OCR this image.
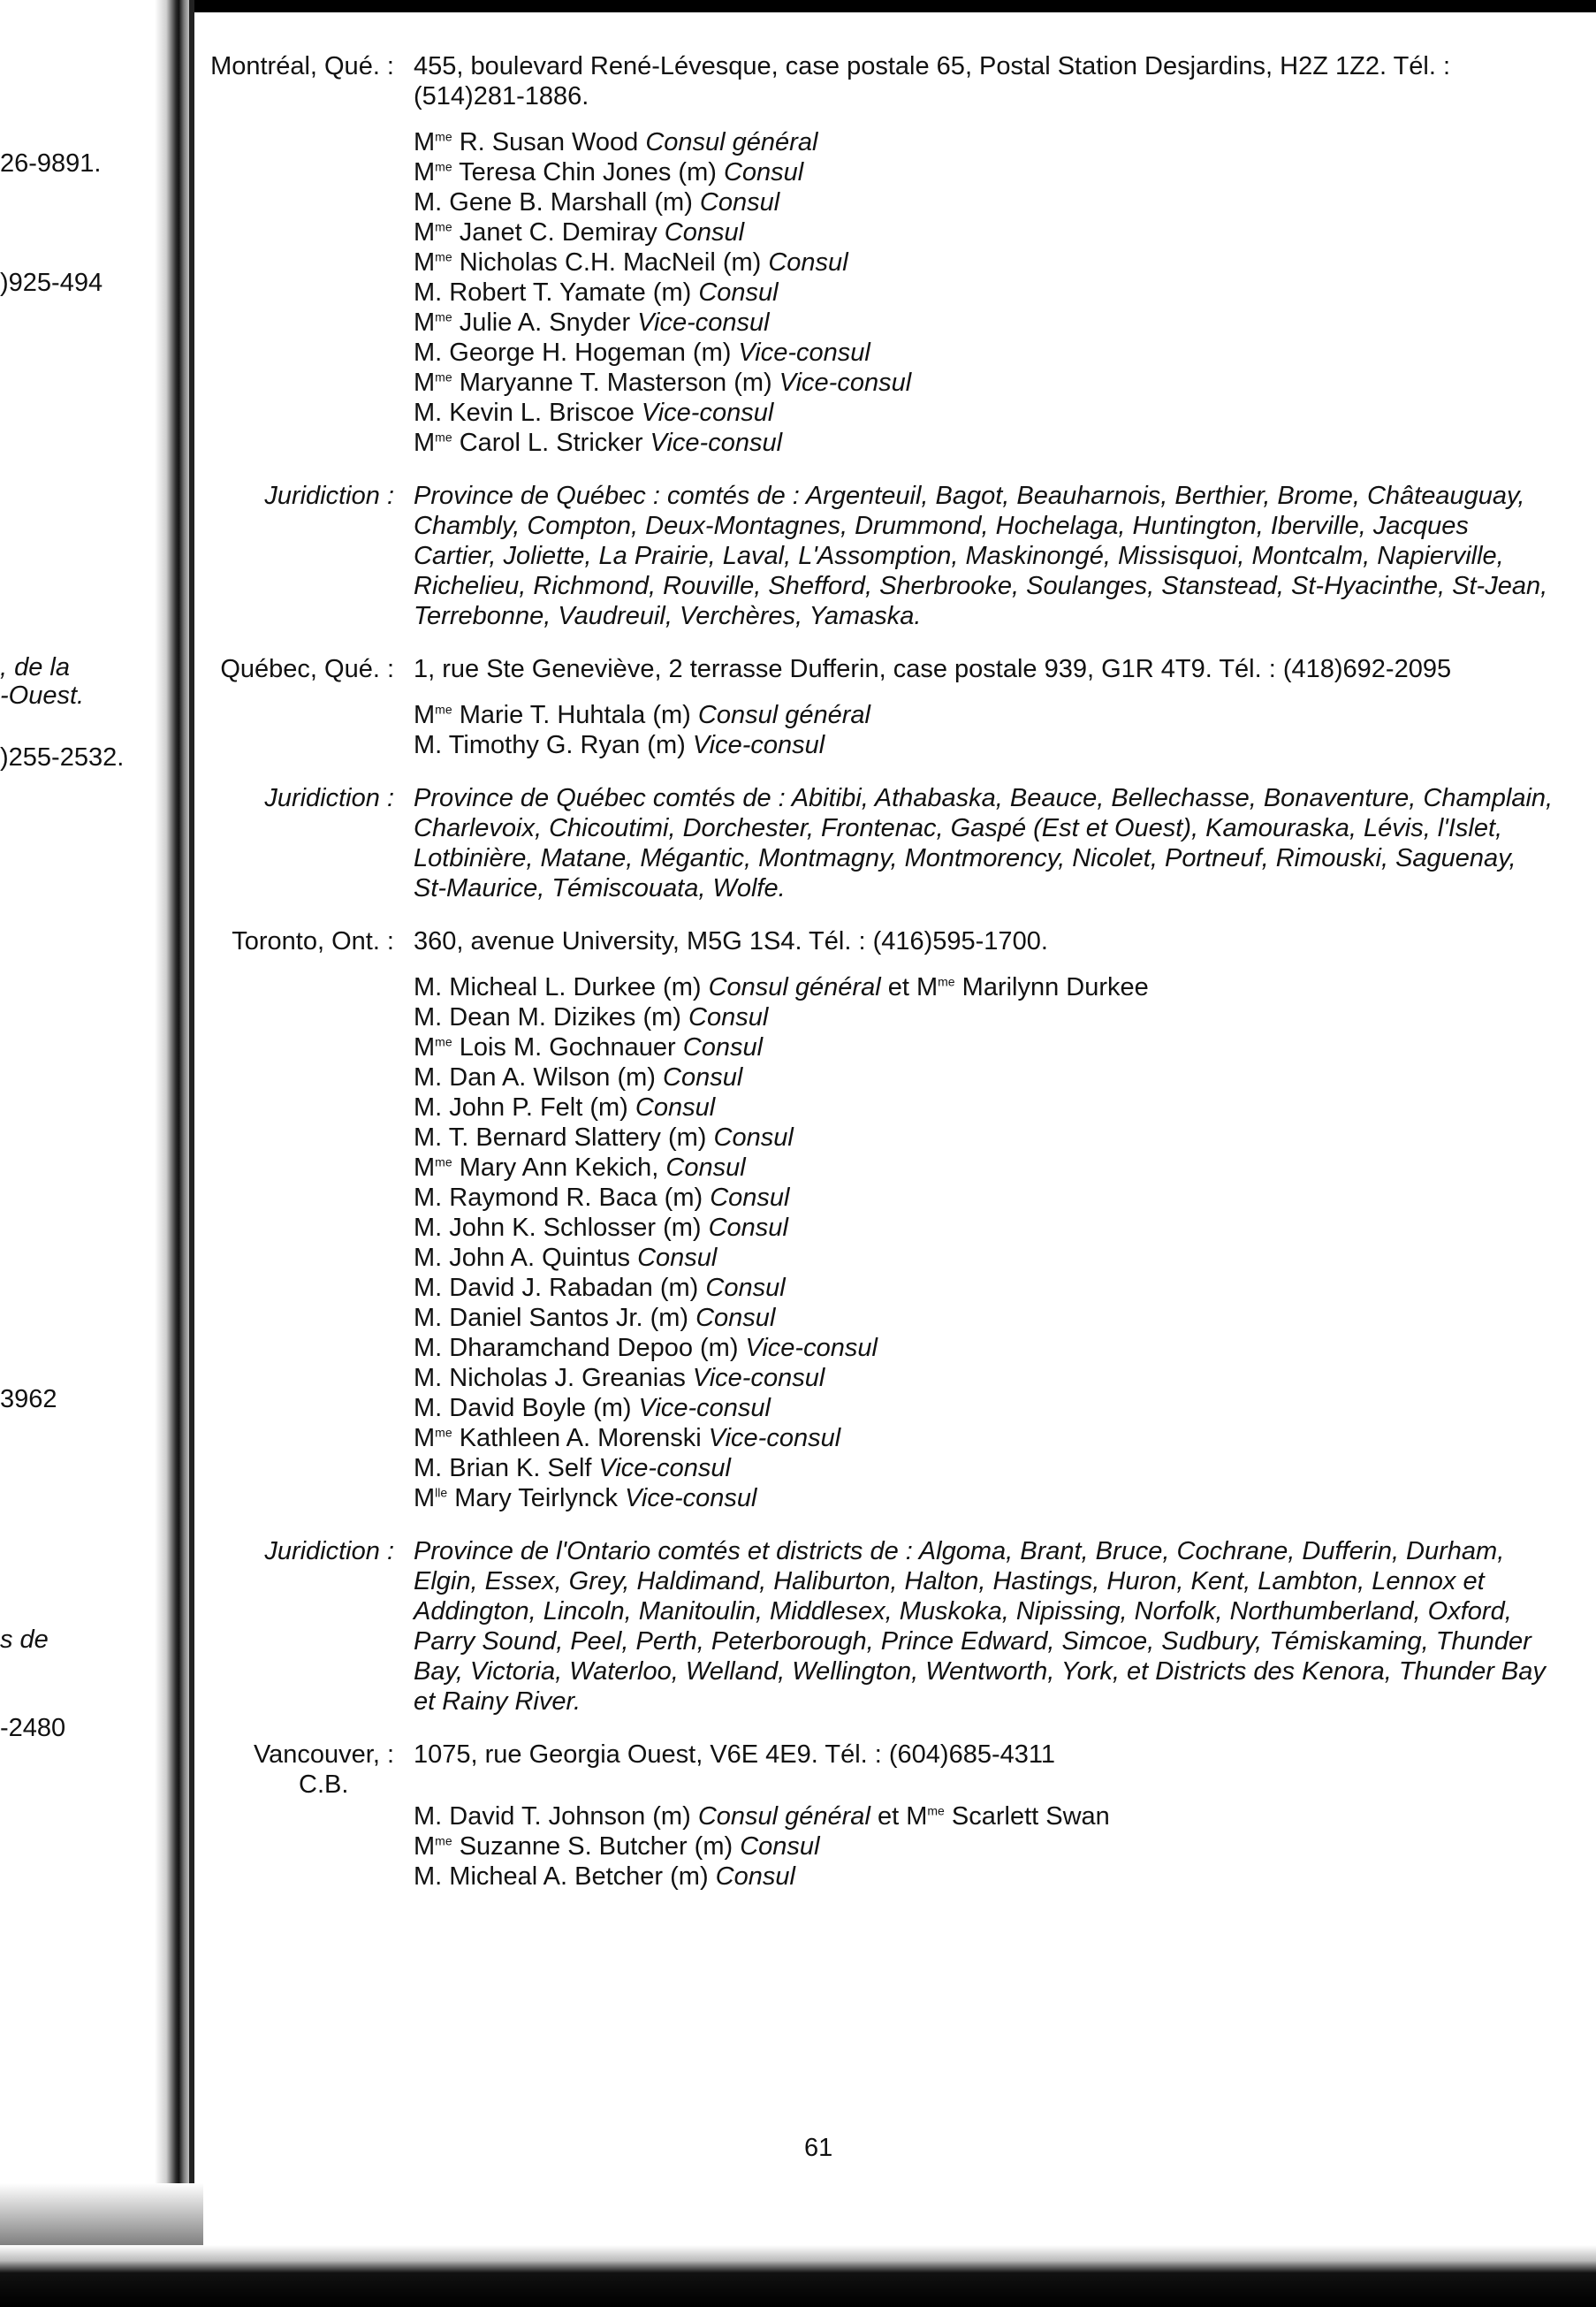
26-9891.
)925-494
, de la
-Ouest.
)255-2532.
3962
s de
-2480
Montréal, Qué. : 455, boulevard René-Lévesque, case postale 65, Postal Station Desjardins, H2Z 1Z2. Tél. : (514)281-1886.
$M^{me}$ R. Susan Wood Consul général
$M^{me}$ Teresa Chin Jones (m) Consul
M. Gene B. Marshall (m) Consul
$M^{me}$ Janet C. Demiray Consul
$M^{me}$ Nicholas C.H. MacNeil (m) Consul
M. Robert T. Yamate (m) Consul
$M^{me}$ Julie A. Snyder Vice-consul
M. George H. Hogeman (m) Vice-consul
$M^{me}$ Maryanne T. Masterson (m) Vice-consul
M. Kevin L. Briscoe Vice-consul
$M^{me}$ Carol L. Stricker Vice-consul
Juridiction : Province de Québec : comtés de : Argenteuil, Bagot, Beauharnois, Berthier, Brome, Châteauguay, Chambly, Compton, Deux-Montagnes, Drummond, Hochelaga, Huntington, Iberville, Jacques Cartier, Joliette, La Prairie, Laval, L'Assomption, Maskinongé, Missisquoi, Montcalm, Napierville, Richelieu, Richmond, Rouville, Shefford, Sherbrooke, Soulanges, Stanstead, St-Hyacinthe, St-Jean, Terrebonne, Vaudreuil, Verchères, Yamaska.
Québec, Qué. : 1, rue Ste Geneviève, 2 terrasse Dufferin, case postale 939, G1R 4T9. Tél. : (418)692-2095
$M^{me}$ Marie T. Huhtala (m) Consul général
M. Timothy G. Ryan (m) Vice-consul
Juridiction : Province de Québec comtés de : Abitibi, Athabaska, Beauce, Bellechasse, Bonaventure, Champlain, Charlevoix, Chicoutimi, Dorchester, Frontenac, Gaspé (Est et Ouest), Kamouraska, Lévis, l'Islet, Lotbinière, Matane, Mégantic, Montmagny, Montmorency, Nicolet, Portneuf, Rimouski, Saguenay, St-Maurice, Témiscouata, Wolfe.
Toronto, Ont. : 360, avenue University, M5G 1S4. Tél. : (416)595-1700.
M. Micheal L. Durkee (m) Consul général et $M^{me}$ Marilynn Durkee
M. Dean M. Dizikes (m) Consul
$M^{me}$ Lois M. Gochnauer Consul
M. Dan A. Wilson (m) Consul
M. John P. Felt (m) Consul
M. T. Bernard Slattery (m) Consul
$M^{me}$ Mary Ann Kekich, Consul
M. Raymond R. Baca (m) Consul
M. John K. Schlosser (m) Consul
M. John A. Quintus Consul
M. David J. Rabadan (m) Consul
M. Daniel Santos Jr. (m) Consul
M. Dharamchand Depoo (m) Vice-consul
M. Nicholas J. Greanias Vice-consul
M. David Boyle (m) Vice-consul
$M^{me}$ Kathleen A. Morenski Vice-consul
M. Brian K. Self Vice-consul
$M^{lle}$ Mary Teirlynck Vice-consul
Juridiction : Province de l'Ontario comtés et districts de : Algoma, Brant, Bruce, Cochrane, Dufferin, Durham, Elgin, Essex, Grey, Haldimand, Haliburton, Halton, Hastings, Huron, Kent, Lambton, Lennox et Addington, Lincoln, Manitoulin, Middlesex, Muskoka, Nipissing, Norfolk, Northumberland, Oxford, Parry Sound, Peel, Perth, Peterborough, Prince Edward, Simcoe, Sudbury, Témiskaming, Thunder Bay, Victoria, Waterloo, Welland, Wellington, Wentworth, York, et Districts des Kenora, Thunder Bay et Rainy River.
Vancouver, :
C.B.
1075, rue Georgia Ouest, V6E 4E9. Tél. : (604)685-4311
M. David T. Johnson (m) Consul général et $M^{me}$ Scarlett Swan
$M^{me}$ Suzanne S. Butcher (m) Consul
M. Micheal A. Betcher (m) Consul
61
